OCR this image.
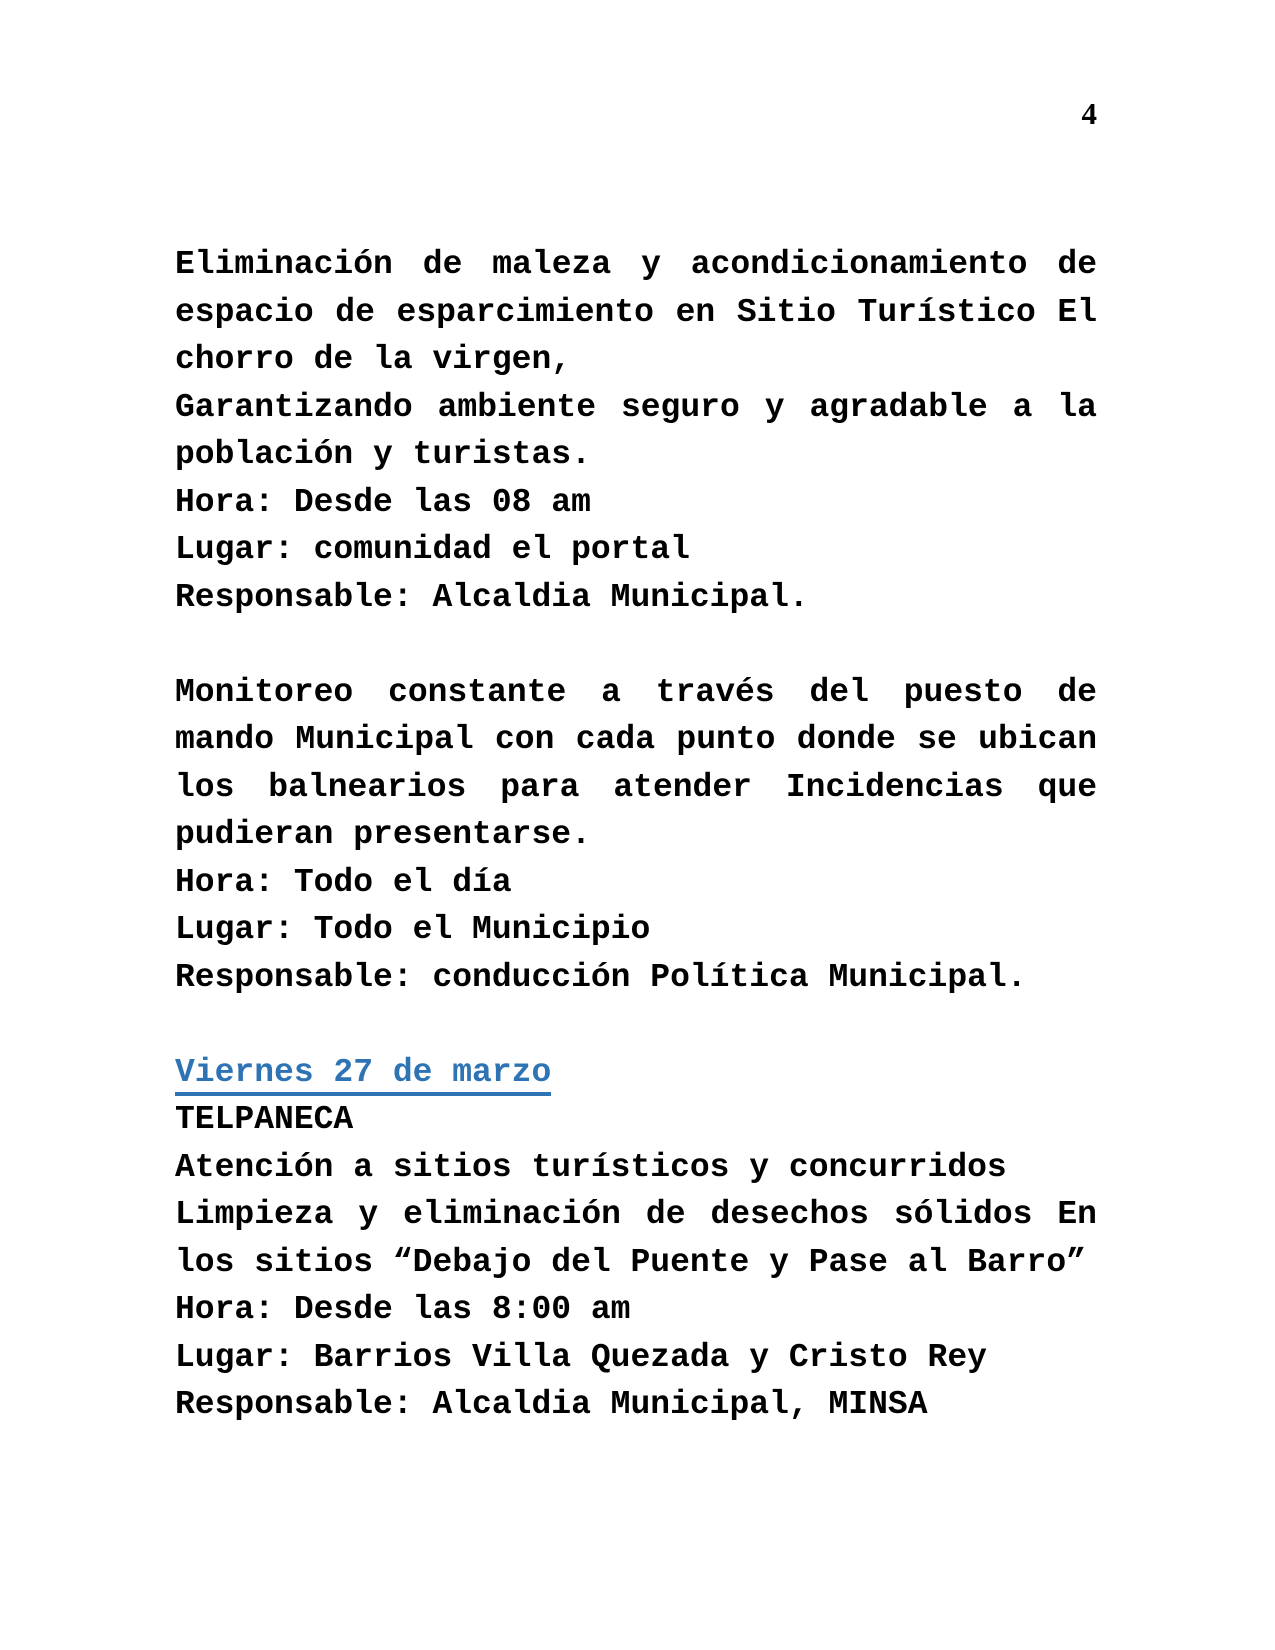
4
Eliminación de maleza y acondicionamiento de
espacio de esparcimiento en Sitio Turístico El
chorro de la virgen,
Garantizando ambiente seguro y agradable a la
población y turistas.
Hora: Desde las 08 am
Lugar: comunidad el portal
Responsable: Alcaldia Municipal.
Monitoreo constante a través del puesto de
mando Municipal con cada punto donde se ubican
los balnearios para atender Incidencias que
pudieran presentarse.
Hora: Todo el día
Lugar: Todo el Municipio
Responsable: conducción Política Municipal.
Viernes 27 de marzo
TELPANECA
Atención a sitios turísticos y concurridos
Limpieza y eliminación de desechos sólidos En
los sitios “Debajo del Puente y Pase al Barro”
Hora: Desde las 8:00 am
Lugar: Barrios Villa Quezada y Cristo Rey
Responsable: Alcaldia Municipal, MINSA
